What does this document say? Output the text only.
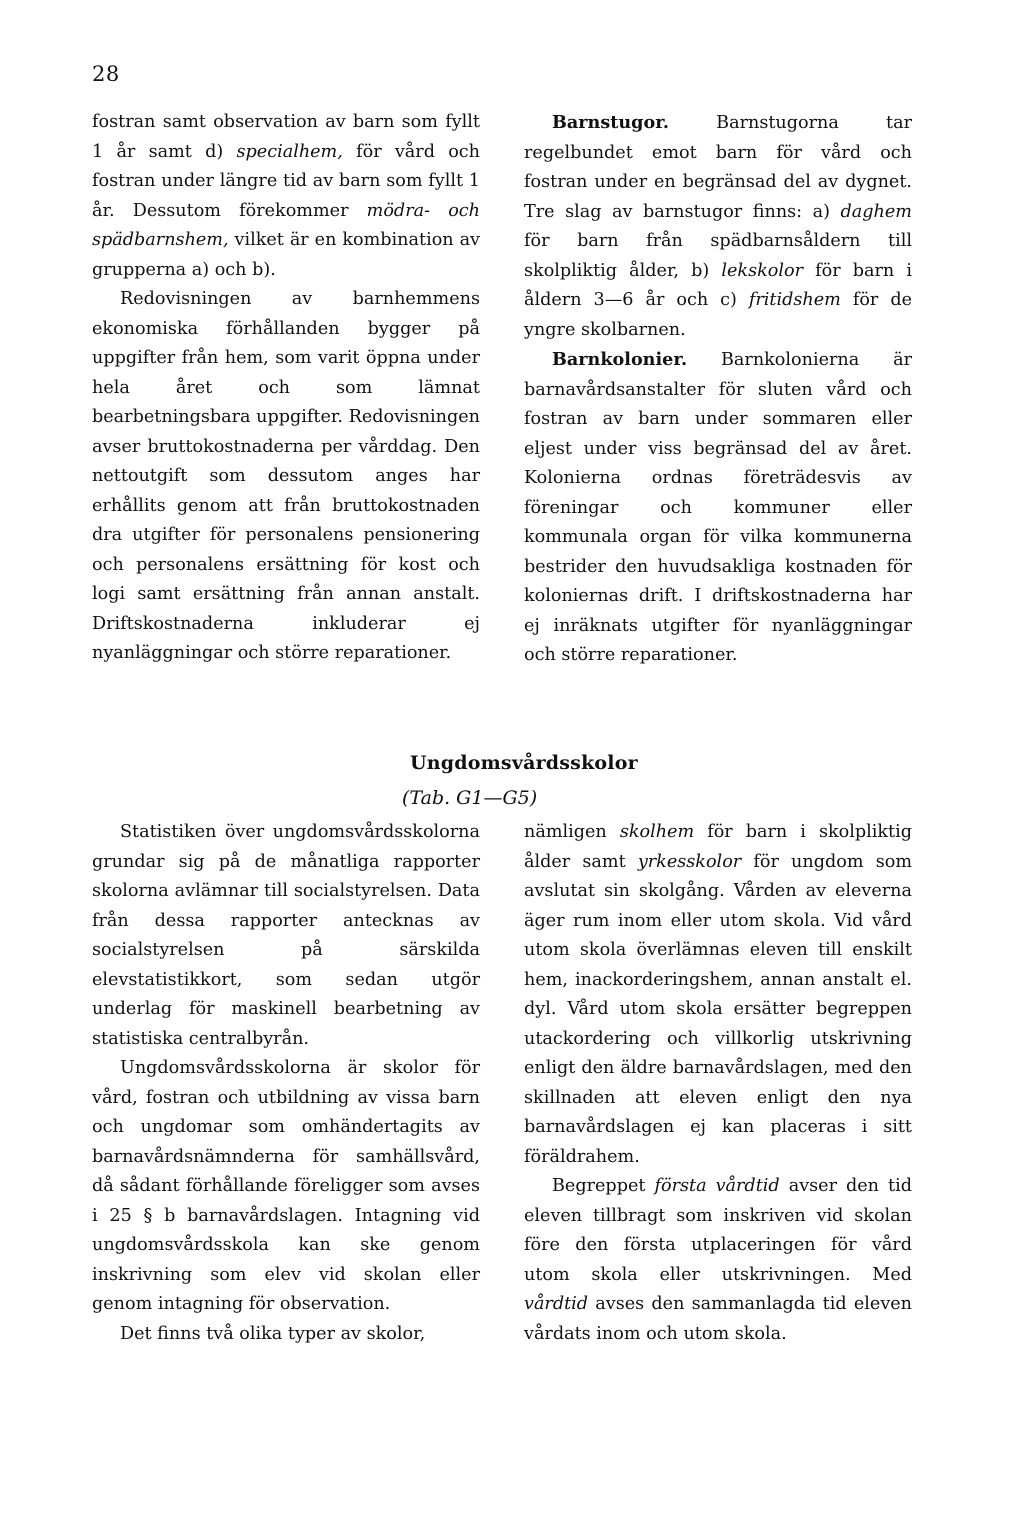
28

fostran samt observation av barn som fyllt 1 år samt d) specialhem, för vård och fostran under längre tid av barn som fyllt 1 år. Dessutom förekommer mödra- och spädbarnshem, vilket är en kombination av grupperna a) och b).

Redovisningen av barnhemmens ekonomiska förhållanden bygger på uppgifter från hem, som varit öppna under hela året och som lämnat bearbetningsbara uppgifter. Redovisningen avser bruttokostnaderna per vårddag. Den nettoutgift som dessutom anges har erhållits genom att från bruttokostnaden dra utgifter för personalens pensionering och personalens ersättning för kost och logi samt ersättning från annan anstalt. Driftskostnaderna inkluderar ej nyanläggningar och större reparationer.

Barnstugor. Barnstugorna tar regelbundet emot barn för vård och fostran under en begränsad del av dygnet. Tre slag av barnstugor finns: a) daghem för barn från spädbarnsåldern till skolpliktig ålder, b) lekskolor för barn i åldern 3—6 år och c) fritidshem för de yngre skolbarnen.

Barnkolonier. Barnkolonierna är barnavårdsanstalter för sluten vård och fostran av barn under sommaren eller eljest under viss begränsad del av året. Kolonierna ordnas företrädesvis av föreningar och kommuner eller kommunala organ för vilka kommunerna bestrider den huvudsakliga kostnaden för koloniernas drift. I driftskostnaderna har ej inräknats utgifter för nyanläggningar och större reparationer.

Ungdomsvårdsskolor
(Tab. G1—G5)

Statistiken över ungdomsvårdsskolorna grundar sig på de månatliga rapporter skolorna avlämnar till socialstyrelsen. Data från dessa rapporter antecknas av socialstyrelsen på särskilda elevstatistikkort, som sedan utgör underlag för maskinell bearbetning av statistiska centralbyrån.

Ungdomsvårdsskolorna är skolor för vård, fostran och utbildning av vissa barn och ungdomar som omhändertagits av barnavårdsnämnderna för samhällsvård, då sådant förhållande föreligger som avses i 25 § b barnavårdslagen. Intagning vid ungdomsvårdsskola kan ske genom inskrivning som elev vid skolan eller genom intagning för observation.

Det finns två olika typer av skolor,

nämligen skolhem för barn i skolpliktig ålder samt yrkesskolor för ungdom som avslutat sin skolgång. Vården av eleverna äger rum inom eller utom skola. Vid vård utom skola överlämnas eleven till enskilt hem, inackorderingshem, annan anstalt el. dyl. Vård utom skola ersätter begreppen utackordering och villkorlig utskrivning enligt den äldre barnavårdslagen, med den skillnaden att eleven enligt den nya barnavårdslagen ej kan placeras i sitt föräldrahem.

Begreppet första vårdtid avser den tid eleven tillbragt som inskriven vid skolan före den första utplaceringen för vård utom skola eller utskrivningen. Med vårdtid avses den sammanlagda tid eleven vårdats inom och utom skola.
